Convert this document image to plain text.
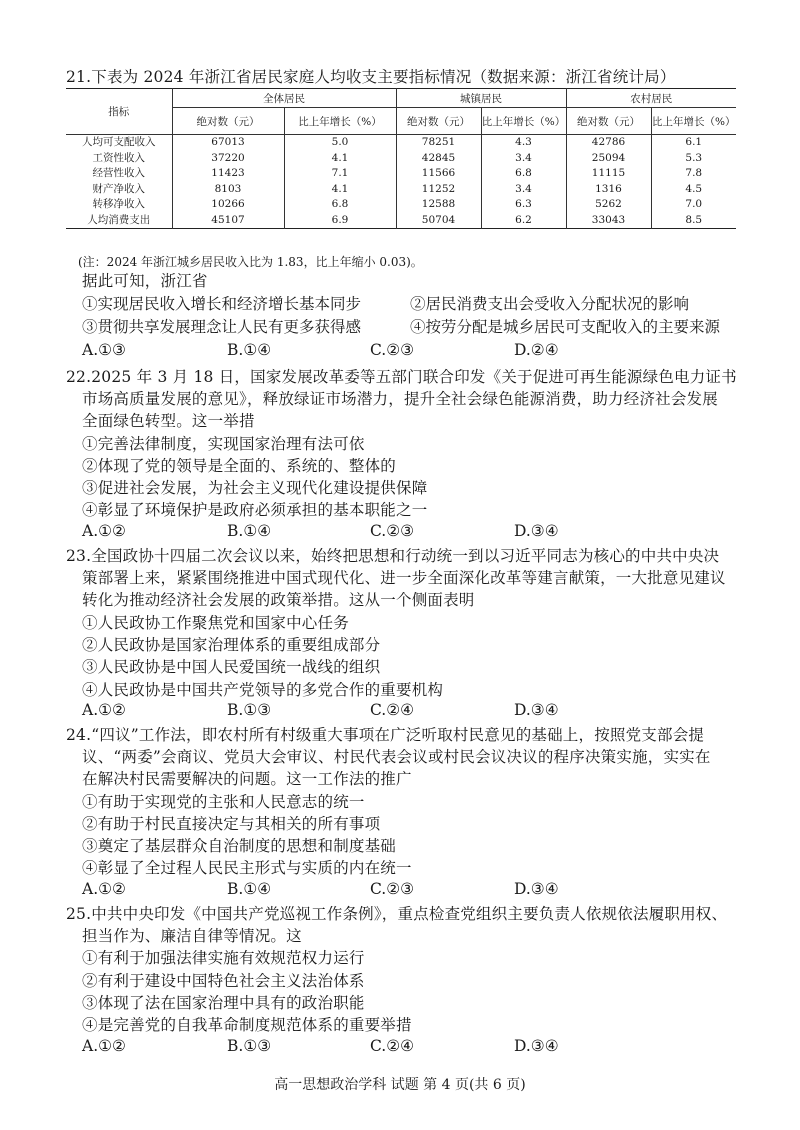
21.下表为 2024 年浙江省居民家庭人均收支主要指标情况（数据来源：浙江省统计局）
指标	全体居民		城镇居民		农村居民	
	绝对数（元）	比上年增长（%）	绝对数（元）	比上年增长（%）	绝对数（元）	比上年增长（%）
人均可支配收入	67013	5.0	78251	4.3	42786	6.1
工资性收入	37220	4.1	42845	3.4	25094	5.3
经营性收入	11423	7.1	11566	6.8	11115	7.8
财产净收入	8103	4.1	11252	3.4	1316	4.5
转移净收入	10266	6.8	12588	6.3	5262	7.0
人均消费支出	45107	6.9	50704	6.2	33043	8.5
(注：2024 年浙江城乡居民收入比为 1.83，比上年缩小 0.03)。
据此可知，浙江省
①实现居民收入增长和经济增长基本同步	②居民消费支出会受收入分配状况的影响
③贯彻共享发展理念让人民有更多获得感	④按劳分配是城乡居民可支配收入的主要来源
A.①③	B.①④	C.②③	D.②④
22.2025 年 3 月 18 日，国家发展改革委等五部门联合印发《关于促进可再生能源绿色电力证书
市场高质量发展的意见》，释放绿证市场潜力，提升全社会绿色能源消费，助力经济社会发展
全面绿色转型。这一举措
①完善法律制度，实现国家治理有法可依
②体现了党的领导是全面的、系统的、整体的
③促进社会发展，为社会主义现代化建设提供保障
④彰显了环境保护是政府必须承担的基本职能之一
A.①②	B.①④	C.②③	D.③④
23.全国政协十四届二次会议以来，始终把思想和行动统一到以习近平同志为核心的中共中央决
策部署上来，紧紧围绕推进中国式现代化、进一步全面深化改革等建言献策，一大批意见建议
转化为推动经济社会发展的政策举措。这从一个侧面表明
①人民政协工作聚焦党和国家中心任务
②人民政协是国家治理体系的重要组成部分
③人民政协是中国人民爱国统一战线的组织
④人民政协是中国共产党领导的多党合作的重要机构
A.①②	B.①③	C.②④	D.③④
24.“四议”工作法，即农村所有村级重大事项在广泛听取村民意见的基础上，按照党支部会提
议、“两委”会商议、党员大会审议、村民代表会议或村民会议决议的程序决策实施，实实在
在解决村民需要解决的问题。这一工作法的推广
①有助于实现党的主张和人民意志的统一
②有助于村民直接决定与其相关的所有事项
③奠定了基层群众自治制度的思想和制度基础
④彰显了全过程人民民主形式与实质的内在统一
A.①②	B.①④	C.②③	D.③④
25.中共中央印发《中国共产党巡视工作条例》，重点检查党组织主要负责人依规依法履职用权、
担当作为、廉洁自律等情况。这
①有利于加强法律实施有效规范权力运行
②有利于建设中国特色社会主义法治体系
③体现了法在国家治理中具有的政治职能
④是完善党的自我革命制度规范体系的重要举措
A.①②	B.①③	C.②④	D.③④
高一思想政治学科 试题 第 4 页(共 6 页)
